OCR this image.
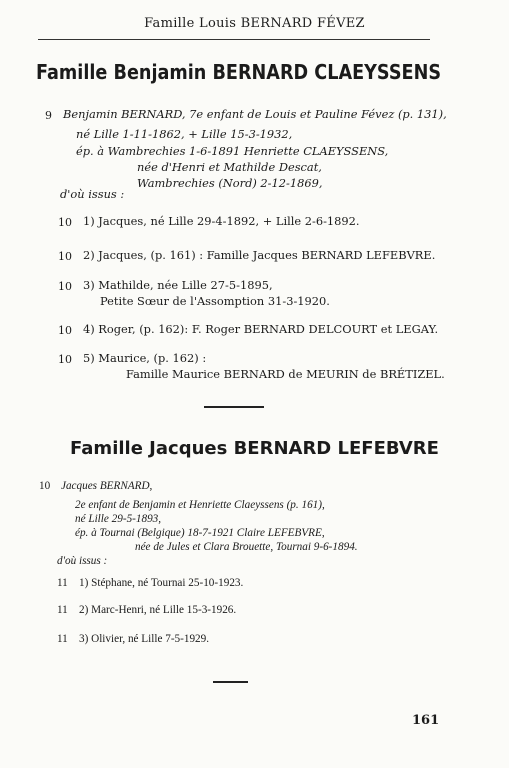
Famille Louis BERNARD FÉVEZ
Famille Benjamin BERNARD CLAEYSSENS
9 Benjamin BERNARD, 7e enfant de Louis et Pauline Févez (p. 131),
né Lille 1-11-1862, + Lille 15-3-1932,
ép. à Wambrechies 1-6-1891 Henriette CLAEYSSENS,
née d'Henri et Mathilde Descat,
Wambrechies (Nord) 2-12-1869,
d'où issus :
10 1) Jacques, né Lille 29-4-1892, + Lille 2-6-1892.
10 2) Jacques, (p. 161) : Famille Jacques BERNARD LEFEBVRE.
10 3) Mathilde, née Lille 27-5-1895,
Petite Sœur de l'Assomption 31-3-1920.
10 4) Roger, (p. 162): F. Roger BERNARD DELCOURT et LEGAY.
10 5) Maurice, (p. 162) :
Famille Maurice BERNARD de MEURIN de BRÉTIZEL.
Famille Jacques BERNARD LEFEBVRE
10 Jacques BERNARD,
2e enfant de Benjamin et Henriette Claeyssens (p. 161),
né Lille 29-5-1893,
ép. à Tournai (Belgique) 18-7-1921 Claire LEFEBVRE,
née de Jules et Clara Brouette, Tournai 9-6-1894.
d'où issus :
11 1) Stéphane, né Tournai 25-10-1923.
11 2) Marc-Henri, né Lille 15-3-1926.
11 3) Olivier, né Lille 7-5-1929.
161
